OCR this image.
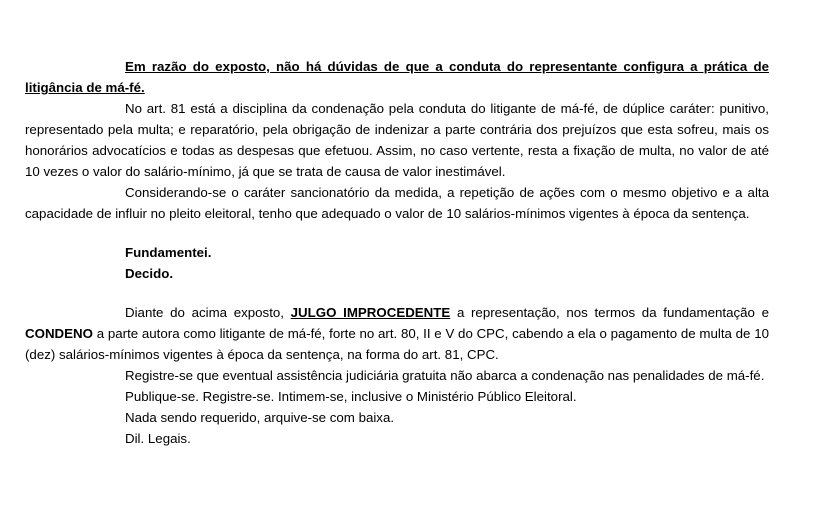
Em razão do exposto, não há dúvidas de que a conduta do representante configura a prática de litigância de má-fé.

No art. 81 está a disciplina da condenação pela conduta do litigante de má-fé, de dúplice caráter: punitivo, representado pela multa; e reparatório, pela obrigação de indenizar a parte contrária dos prejuízos que esta sofreu, mais os honorários advocatícios e todas as despesas que efetuou. Assim, no caso vertente, resta a fixação de multa, no valor de até 10 vezes o valor do salário-mínimo, já que se trata de causa de valor inestimável.

Considerando-se o caráter sancionatório da medida, a repetição de ações com o mesmo objetivo e a alta capacidade de influir no pleito eleitoral, tenho que adequado o valor de 10 salários-mínimos vigentes à época da sentença.

Fundamentei.

Decido.

Diante do acima exposto, JULGO IMPROCEDENTE a representação, nos termos da fundamentação e CONDENO a parte autora como litigante de má-fé, forte no art. 80, II e V do CPC, cabendo a ela o pagamento de multa de 10 (dez) salários-mínimos vigentes à época da sentença, na forma do art. 81, CPC.

Registre-se que eventual assistência judiciária gratuita não abarca a condenação nas penalidades de má-fé.

Publique-se. Registre-se. Intimem-se, inclusive o Ministério Público Eleitoral.

Nada sendo requerido, arquive-se com baixa.

Dil. Legais.
